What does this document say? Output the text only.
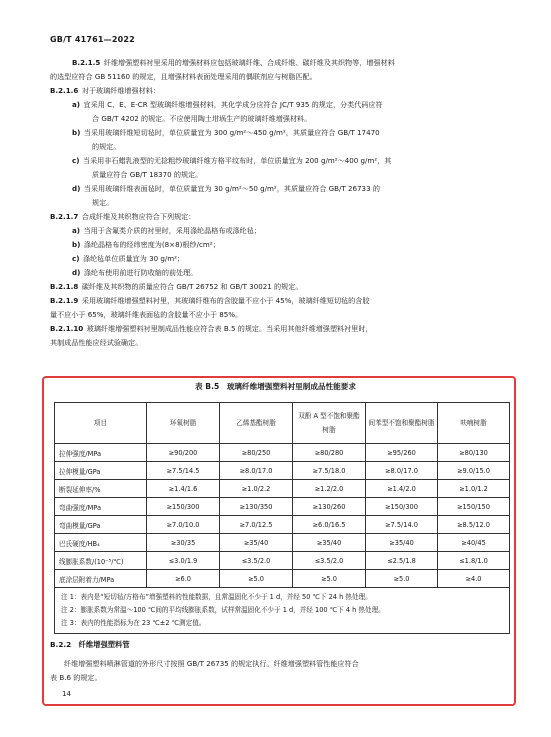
GB/T 41761—2022
B.2.1.5  纤维增强塑料衬里采用的增强材料应包括玻璃纤维、合成纤维、碳纤维及其织物等，增强材料
的选型应符合 GB 51160 的规定，且增强材料表面处理采用的偶联剂应与树脂匹配。
B.2.1.6  对于玻璃纤维增强材料：
a)  宜采用 C、E、E-CR 型玻璃纤维增强材料，其化学成分应符合 JC/T 935 的规定，分类代码应符
合 GB/T 4202 的规定。不应使用陶土坩埚生产的玻璃纤维增强材料。
b)  当采用玻璃纤维短切毡时，单位质量宜为 300 g/m²～450 g/m²，其质量应符合 GB/T 17470
的规定。
c)  当采用非石蜡乳液型的无捻粗纱玻璃纤维方格平纹布时，单位质量宜为 200 g/m²～400 g/m²，其
质量应符合 GB/T 18370 的规定。
d)  当采用玻璃纤维表面毡时，单位质量宜为 30 g/m²～50 g/m²，其质量应符合 GB/T 26733 的
规定。
B.2.1.7  合成纤维及其织物应符合下列规定：
a)  当用于含氟类介质的衬里时，采用涤纶晶格布或涤纶毡；
b)  涤纶晶格布的经纬密度为(8×8)根纱/cm²；
c)  涤纶毡单位质量宜为 30 g/m²；
d)  涤纶布使用前进行防收缩的前处理。
B.2.1.8  碳纤维及其织物的质量应符合 GB/T 26752 和 GB/T 30021 的规定。
B.2.1.9  采用玻璃纤维增强塑料衬里，其玻璃纤维布的含胶量不应小于 45%，玻璃纤维短切毡的含胶
量不应小于 65%，玻璃纤维表面毡的含胶量不应小于 85%。
B.2.1.10  玻璃纤维增强塑料衬里制成品性能应符合表 B.5 的规定。当采用其他纤维增强塑料衬里时，
其制成品性能应经试验确定。
表 B.5　玻璃纤维增强塑料衬里制成品性能要求
项目	环氧树脂	乙烯基酯树脂	双酚 A 型不饱和聚酯树脂	间苯型不饱和聚酯树脂	呋喃树脂
拉伸强度/MPa	≥90/200	≥80/250	≥80/280	≥95/260	≥80/130
拉伸模量/GPa	≥7.5/14.5	≥8.0/17.0	≥7.5/18.0	≥8.0/17.0	≥9.0/15.0
断裂延伸率/%	≥1.4/1.6	≥1.0/2.2	≥1.2/2.0	≥1.4/2.0	≥1.0/1.2
弯曲强度/MPa	≥150/300	≥130/350	≥130/260	≥150/300	≥150/150
弯曲模量/GPa	≥7.0/10.0	≥7.0/12.5	≥6.0/16.5	≥7.5/14.0	≥8.5/12.0
巴氏硬度/HB₄	≥30/35	≥35/40	≥35/40	≥35/40	≥40/45
线膨胀系数/(10⁻⁵/℃)	≤3.0/1.9	≤3.5/2.0	≤3.5/2.0	≤2.5/1.8	≤1.8/1.0
底涂层附着力/MPa	≥6.0	≥5.0	≥5.0	≥5.0	≥4.0

注 1：表内是“短切毡/方格布”增强塑料的性能数据，且常温固化不少于 1 d，并经 50 ℃下 24 h 热处理。
注 2：膨胀系数为常温～100 ℃间的平均线膨胀系数，试样常温固化不少于 1 d，并经 100 ℃下 4 h 热处理。
注 3：表内的性能指标为在 23 ℃±2 ℃测定值。					
B.2.2　纤维增强塑料管
纤维增强塑料喷淋管道的外形尺寸按照 GB/T 26735 的规定执行。纤维增强塑料管性能应符合
表 B.6 的规定。
14
